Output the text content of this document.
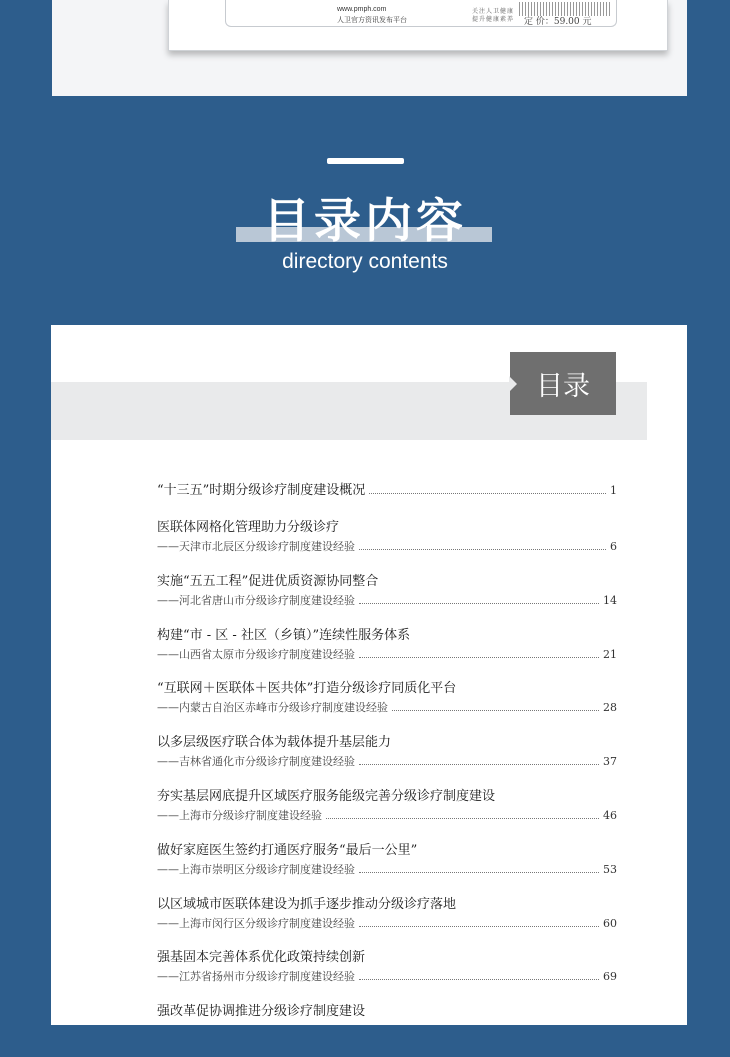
www.pmph.com
人卫官方资讯发布平台
关注人卫健康
提升健康素养 定 价：59.00 元
目录内容
directory contents
目录
“十三五”时期分级诊疗制度建设概况	1
医联体网格化管理助力分级诊疗
——天津市北辰区分级诊疗制度建设经验	6
实施“五五工程”促进优质资源协同整合
——河北省唐山市分级诊疗制度建设经验	14
构建“市 - 区 - 社区（乡镇）”连续性服务体系
——山西省太原市分级诊疗制度建设经验	21
“互联网＋医联体＋医共体”打造分级诊疗同质化平台
——内蒙古自治区赤峰市分级诊疗制度建设经验	28
以多层级医疗联合体为载体提升基层能力
——吉林省通化市分级诊疗制度建设经验	37
夯实基层网底提升区域医疗服务能级完善分级诊疗制度建设
——上海市分级诊疗制度建设经验	46
做好家庭医生签约打通医疗服务“最后一公里”
——上海市崇明区分级诊疗制度建设经验	53
以区域城市医联体建设为抓手逐步推动分级诊疗落地
——上海市闵行区分级诊疗制度建设经验	60
强基固本完善体系优化政策持续创新
——江苏省扬州市分级诊疗制度建设经验	69
强改革促协调推进分级诊疗制度建设
